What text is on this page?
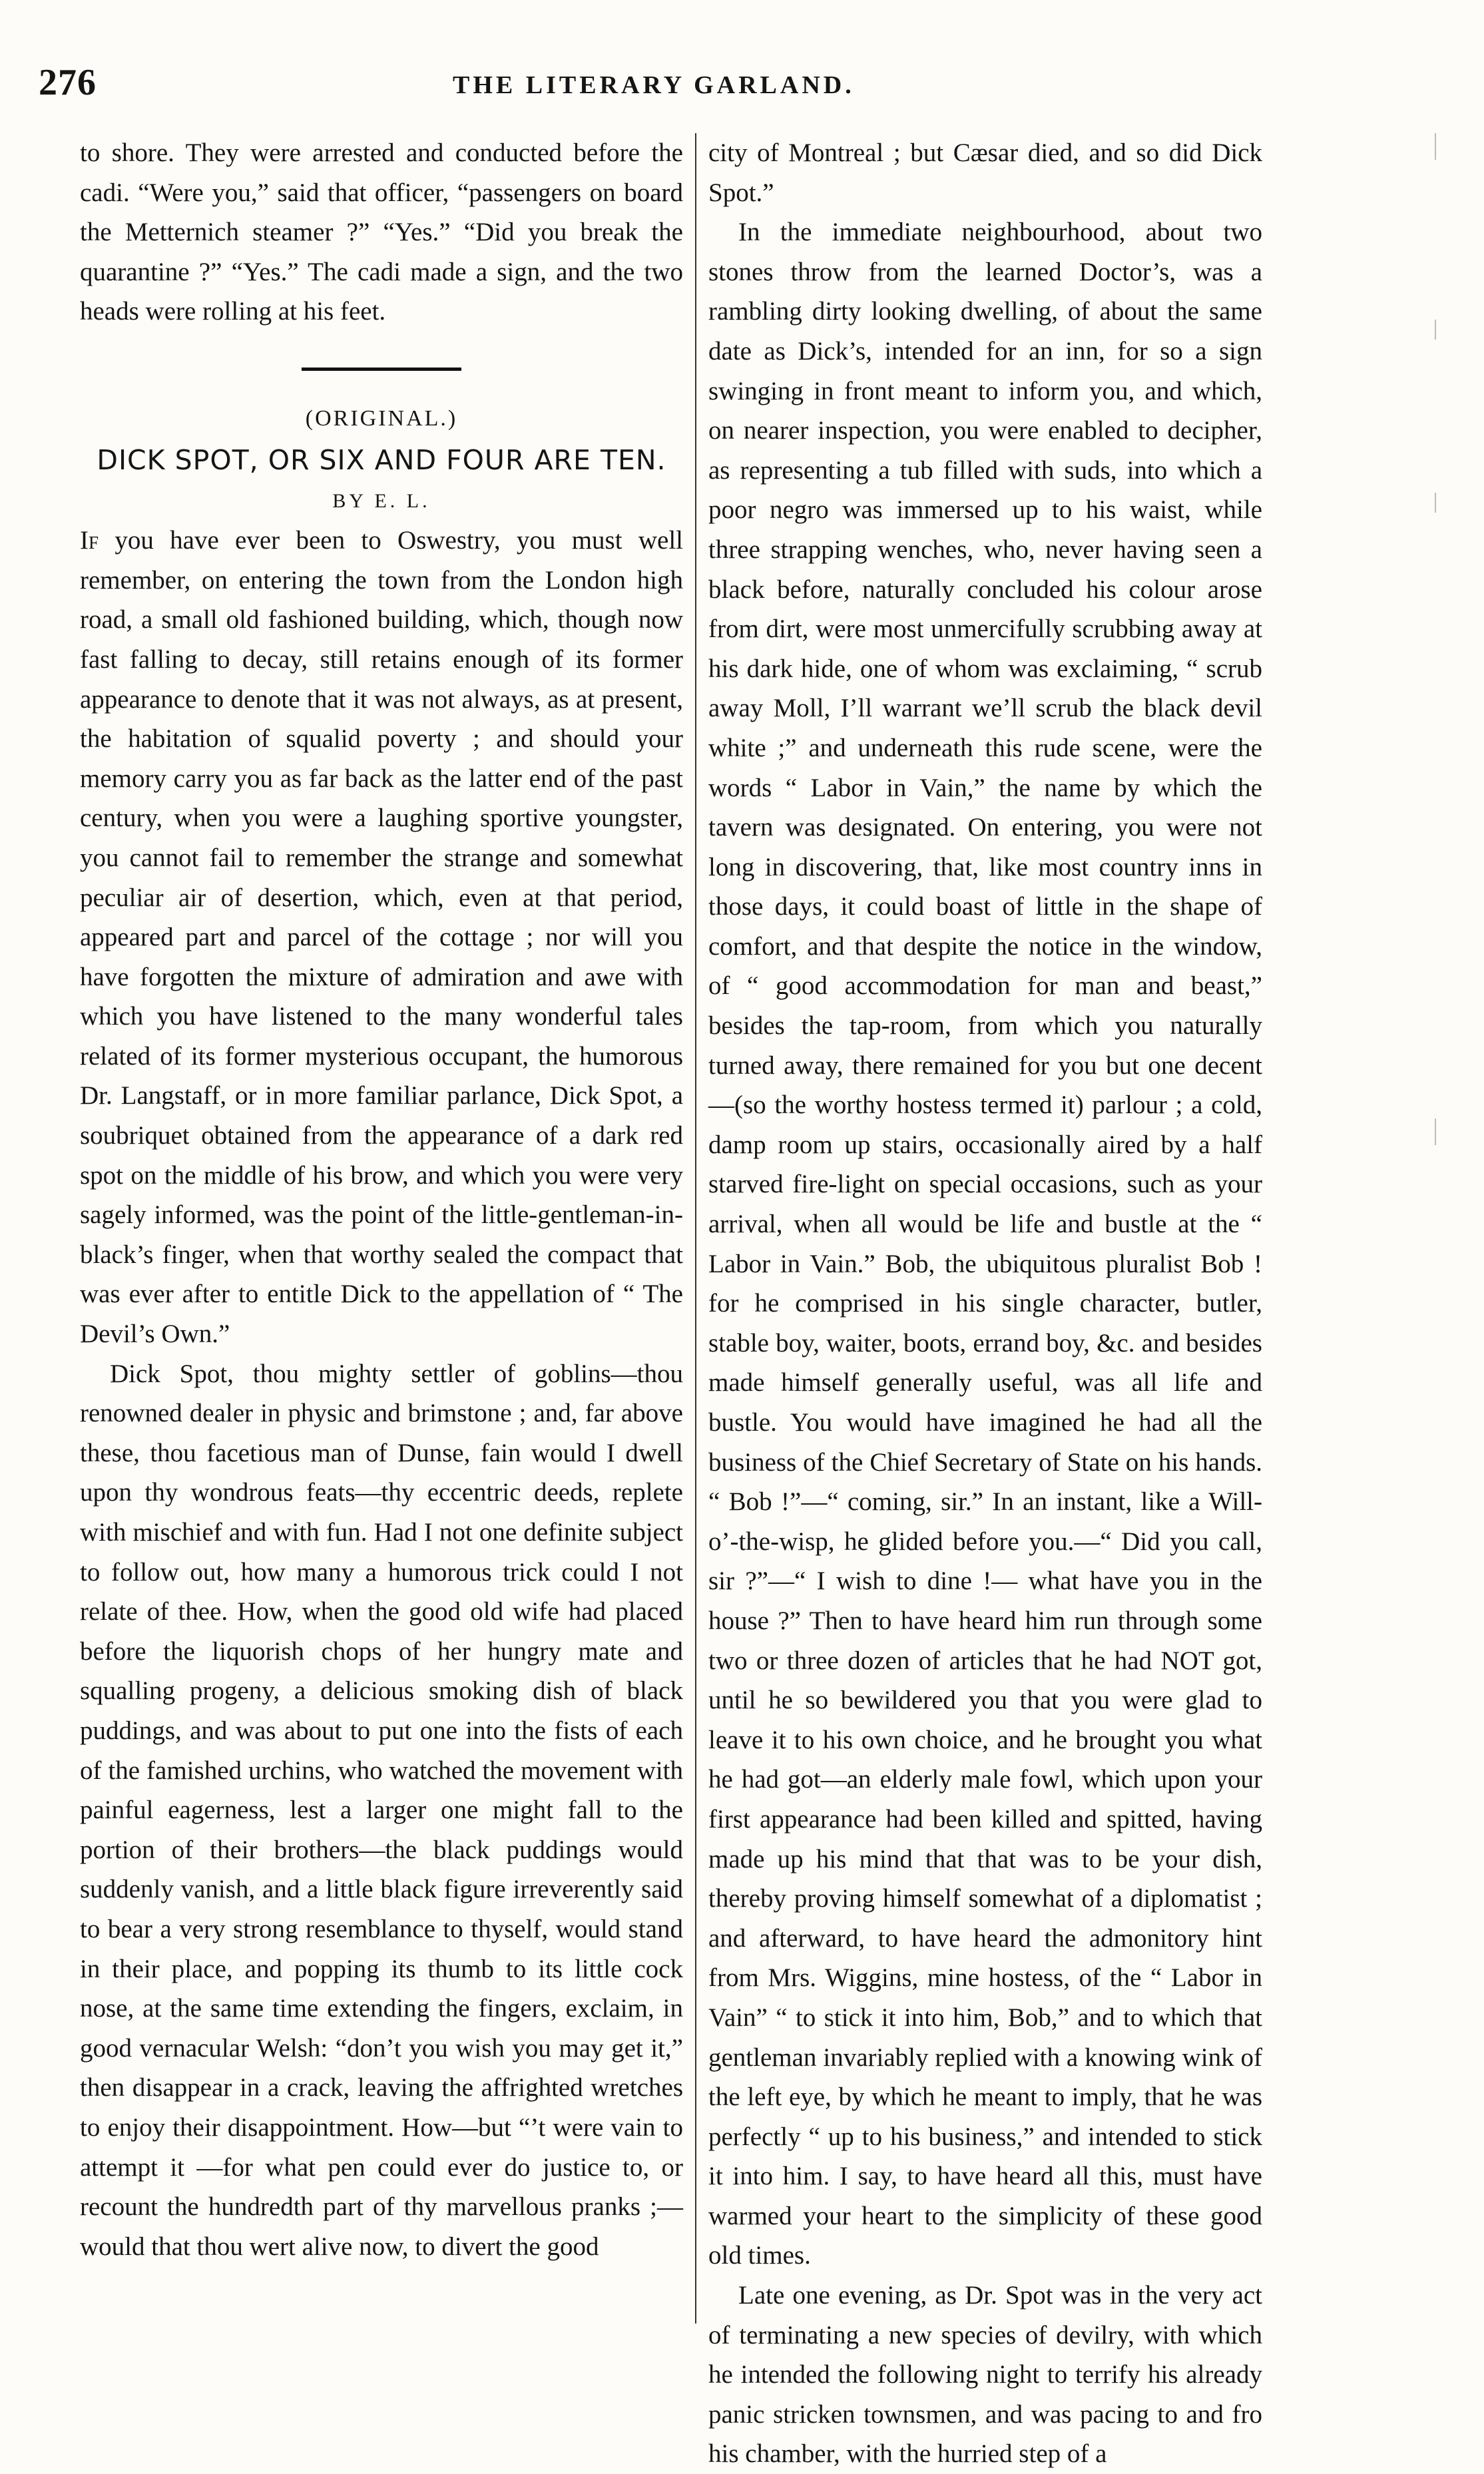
276	THE LITERARY GARLAND.

to shore. They were arrested and conducted before the cadi. “Were you,” said that officer, “passengers on board the Metternich steamer ?” “Yes.” “Did you break the quarantine ?” “Yes.” The cadi made a sign, and the two heads were rolling at his feet.

(ORIGINAL.)

DICK SPOT, OR SIX AND FOUR ARE TEN.

BY E. L.

If you have ever been to Oswestry, you must well remember, on entering the town from the London high road, a small old fashioned building, which, though now fast falling to decay, still retains enough of its former appearance to denote that it was not always, as at present, the habitation of squalid poverty ; and should your memory carry you as far back as the latter end of the past century, when you were a laughing sportive youngster, you cannot fail to remember the strange and somewhat peculiar air of desertion, which, even at that period, appeared part and parcel of the cottage ; nor will you have forgotten the mixture of admiration and awe with which you have listened to the many wonderful tales related of its former mysterious occupant, the humorous Dr. Langstaff, or in more familiar parlance, Dick Spot, a soubriquet obtained from the appearance of a dark red spot on the middle of his brow, and which you were very sagely informed, was the point of the little-gentleman-in-black’s finger, when that worthy sealed the compact that was ever after to entitle Dick to the appellation of “ The Devil’s Own.”

Dick Spot, thou mighty settler of goblins—thou renowned dealer in physic and brimstone ; and, far above these, thou facetious man of Dunse, fain would I dwell upon thy wondrous feats—thy eccentric deeds, replete with mischief and with fun. Had I not one definite subject to follow out, how many a humorous trick could I not relate of thee. How, when the good old wife had placed before the liquorish chops of her hungry mate and squalling progeny, a delicious smoking dish of black puddings, and was about to put one into the fists of each of the famished urchins, who watched the movement with painful eagerness, lest a larger one might fall to the portion of their brothers—the black puddings would suddenly vanish, and a little black figure irreverently said to bear a very strong resemblance to thyself, would stand in their place, and popping its thumb to its little cock nose, at the same time extending the fingers, exclaim, in good vernacular Welsh: “don’t you wish you may get it,” then disappear in a crack, leaving the affrighted wretches to enjoy their disappointment. How—but “’t were vain to attempt it —for what pen could ever do justice to, or recount the hundredth part of thy marvellous pranks ;— would that thou wert alive now, to divert the good

city of Montreal ; but Cæsar died, and so did Dick Spot.”

In the immediate neighbourhood, about two stones throw from the learned Doctor’s, was a rambling dirty looking dwelling, of about the same date as Dick’s, intended for an inn, for so a sign swinging in front meant to inform you, and which, on nearer inspection, you were enabled to decipher, as representing a tub filled with suds, into which a poor negro was immersed up to his waist, while three strapping wenches, who, never having seen a black before, naturally concluded his colour arose from dirt, were most unmercifully scrubbing away at his dark hide, one of whom was exclaiming, “ scrub away Moll, I’ll warrant we’ll scrub the black devil white ;” and underneath this rude scene, were the words “ Labor in Vain,” the name by which the tavern was designated. On entering, you were not long in discovering, that, like most country inns in those days, it could boast of little in the shape of comfort, and that despite the notice in the window, of “ good accommodation for man and beast,” besides the tap-room, from which you naturally turned away, there remained for you but one decent—(so the worthy hostess termed it) parlour ; a cold, damp room up stairs, occasionally aired by a half starved fire-light on special occasions, such as your arrival, when all would be life and bustle at the “ Labor in Vain.” Bob, the ubiquitous pluralist Bob ! for he comprised in his single character, butler, stable boy, waiter, boots, errand boy, &c. and besides made himself generally useful, was all life and bustle. You would have imagined he had all the business of the Chief Secretary of State on his hands. “ Bob !”—“ coming, sir.” In an instant, like a Will-o’-the-wisp, he glided before you.—“ Did you call, sir ?”—“ I wish to dine !— what have you in the house ?” Then to have heard him run through some two or three dozen of articles that he had NOT got, until he so bewildered you that you were glad to leave it to his own choice, and he brought you what he had got—an elderly male fowl, which upon your first appearance had been killed and spitted, having made up his mind that that was to be your dish, thereby proving himself somewhat of a diplomatist ; and afterward, to have heard the admonitory hint from Mrs. Wiggins, mine hostess, of the “ Labor in Vain” “ to stick it into him, Bob,” and to which that gentleman invariably replied with a knowing wink of the left eye, by which he meant to imply, that he was perfectly “ up to his business,” and intended to stick it into him. I say, to have heard all this, must have warmed your heart to the simplicity of these good old times.

Late one evening, as Dr. Spot was in the very act of terminating a new species of devilry, with which he intended the following night to terrify his already panic stricken townsmen, and was pacing to and fro his chamber, with the hurried step of a
